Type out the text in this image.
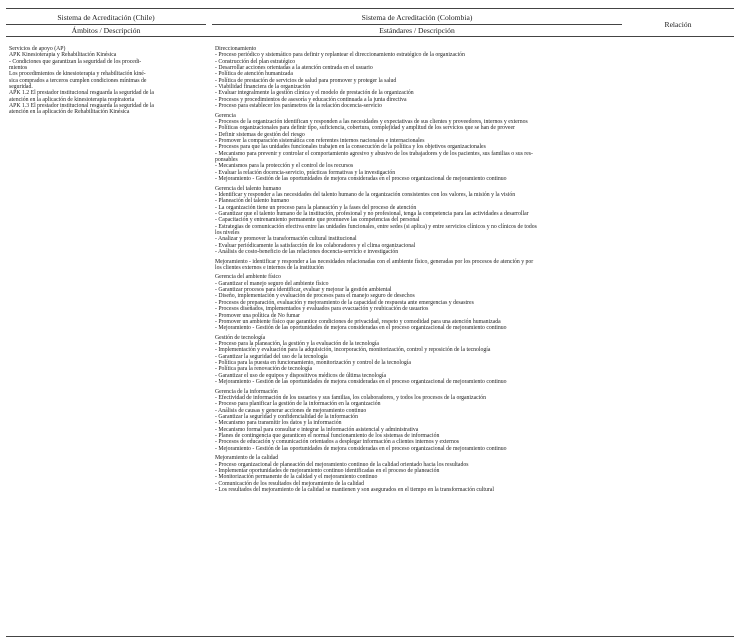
Sistema de Acreditación (Chile)
Ámbitos / Descripción
Sistema de Acreditación (Colombia)
Estándares / Descripción
Relación

Servicios de apoyo (AP)

APK Kinesioterapia y Rehabilitación Kinésica

- Condiciones que garantizan la seguridad de los procedi-

mientos

Los procedimientos de kinesioterapia y rehabilitación kiné-

sica comprados a terceros cumplen condiciones mínimas de

seguridad.

APK 1.2 El prestador institucional resguarda la seguridad de la

atención en la aplicación de kinesioterapia respiratoria

APK 1.3 El prestador institucional resguarda la seguridad de la

atención en la aplicación de Rehabilitación Kinésica

Direccionamiento

- Proceso periódico y sistemático para definir y replantear el direccionamiento estratégico de la organización

- Construcción del plan estratégico

- Desarrollar acciones orientadas a la atención centrada en el usuario

- Política de atención humanizada

- Política de prestación de servicios de salud para promover y proteger la salud

- Viabilidad financiera de la organización

- Evaluar integralmente la gestión clínica y el modelo de prestación de la organización

- Procesos y procedimientos de asesoría y educación continuada a la junta directiva

- Proceso para establecer los parámetros de la relación docencia-servicio

Gerencia

- Procesos de la organización identifican y responden a las necesidades y expectativas de sus clientes y proveedores, internos y externos

- Políticas organizacionales para definir tipo, suficiencia, cobertura, complejidad y amplitud de los servicios que se han de proveer

- Definir sistemas de gestión del riesgo

- Promover la comparación sistemática con referentes internos nacionales e internacionales

- Procesos para que las unidades funcionales trabajen en la consecución de la política y los objetivos organizacionales

- Mecanismo para prevenir y controlar el comportamiento agresivo y abusivo de los trabajadores y de los pacientes, sus familias o sus res-

ponsables

- Mecanismos para la protección y el control de los recursos

- Evaluar la relación docencia-servicio, prácticas formativas y la investigación

- Mejoramiento - Gestión de las oportunidades de mejora consideradas en el proceso organizacional de mejoramiento continuo

Gerencia del talento humano

- Identificar y responder a las necesidades del talento humano de la organización consistentes con los valores, la misión y la visión

- Planeación del talento humano

- La organización tiene un proceso para la planeación y la fases del proceso de atención

- Garantizar que el talento humano de la institución, profesional y no profesional, tenga la competencia para las actividades a desarrollar

- Capacitación y entrenamiento permanente que promueve las competencias del personal

- Estrategias de comunicación efectiva entre las unidades funcionales, entre sedes (si aplica) y entre servicios clínicos y no clínicos de todos

los niveles

- Analizar y promover la transformación cultural institucional

- Evaluar periódicamente la satisfacción de los colaboradores y el clima organizacional

- Análisis de costo-beneficio de las relaciones docencia-servicio e investigación

Mejoramiento - identificar y responder a las necesidades relacionadas con el ambiente físico, generadas por los procesos de atención y por

los clientes externos e internos de la institución

Gerencia del ambiente físico

- Garantizar el manejo seguro del ambiente físico

- Garantizar procesos para identificar, evaluar y mejorar la gestión ambiental

- Diseño, implementación y evaluación de procesos para el manejo seguro de desechos

- Procesos de preparación, evaluación y mejoramiento de la capacidad de respuesta ante emergencias y desastres

- Procesos diseñados, implementados y evaluados para evacuación y reubicación de usuarios

- Promover una política de No fumar

- Promover un ambiente físico que garantice condiciones de privacidad, respeto y comodidad para una atención humanizada

- Mejoramiento - Gestión de las oportunidades de mejora consideradas en el proceso organizacional de mejoramiento continuo

Gestión de tecnología

- Proceso para la planeación, la gestión y la evaluación de la tecnología

- Implementación y evaluación para la adquisición, incorporación, monitorización, control y reposición de la tecnología

- Garantizar la seguridad del uso de la tecnología

- Política para la puesta en funcionamiento, monitorización y control de la tecnología

- Política para la renovación de tecnología

- Garantizar el uso de equipos y dispositivos médicos de última tecnología

- Mejoramiento - Gestión de las oportunidades de mejora consideradas en el proceso organizacional de mejoramiento continuo

Gerencia de la información

- Efectividad de información de los usuarios y sus familias, los colaboradores, y todos los procesos de la organización

- Proceso para planificar la gestión de la información en la organización

- Análisis de causas y generar acciones de mejoramiento continuo

- Garantizar la seguridad y confidencialidad de la información

- Mecanismo para transmitir los datos y la información

- Mecanismo formal para consultar e integrar la información asistencial y administrativa

- Planes de contingencia que garanticen el normal funcionamiento de los sistemas de información

- Procesos de educación y comunicación orientados a desplegar información a clientes internos y externos

- Mejoramiento - Gestión de las oportunidades de mejora consideradas en el proceso organizacional de mejoramiento continuo

Mejoramiento de la calidad

- Proceso organizacional de planeación del mejoramiento continuo de la calidad orientado hacia los resultados

- Implementar oportunidades de mejoramiento continuo identificadas en el proceso de planeación

- Monitorización permanente de la calidad y el mejoramiento continuo

- Comunicación de los resultados del mejoramiento de la calidad

- Los resultados del mejoramiento de la calidad se mantienen y son asegurados en el tiempo en la transformación cultural
